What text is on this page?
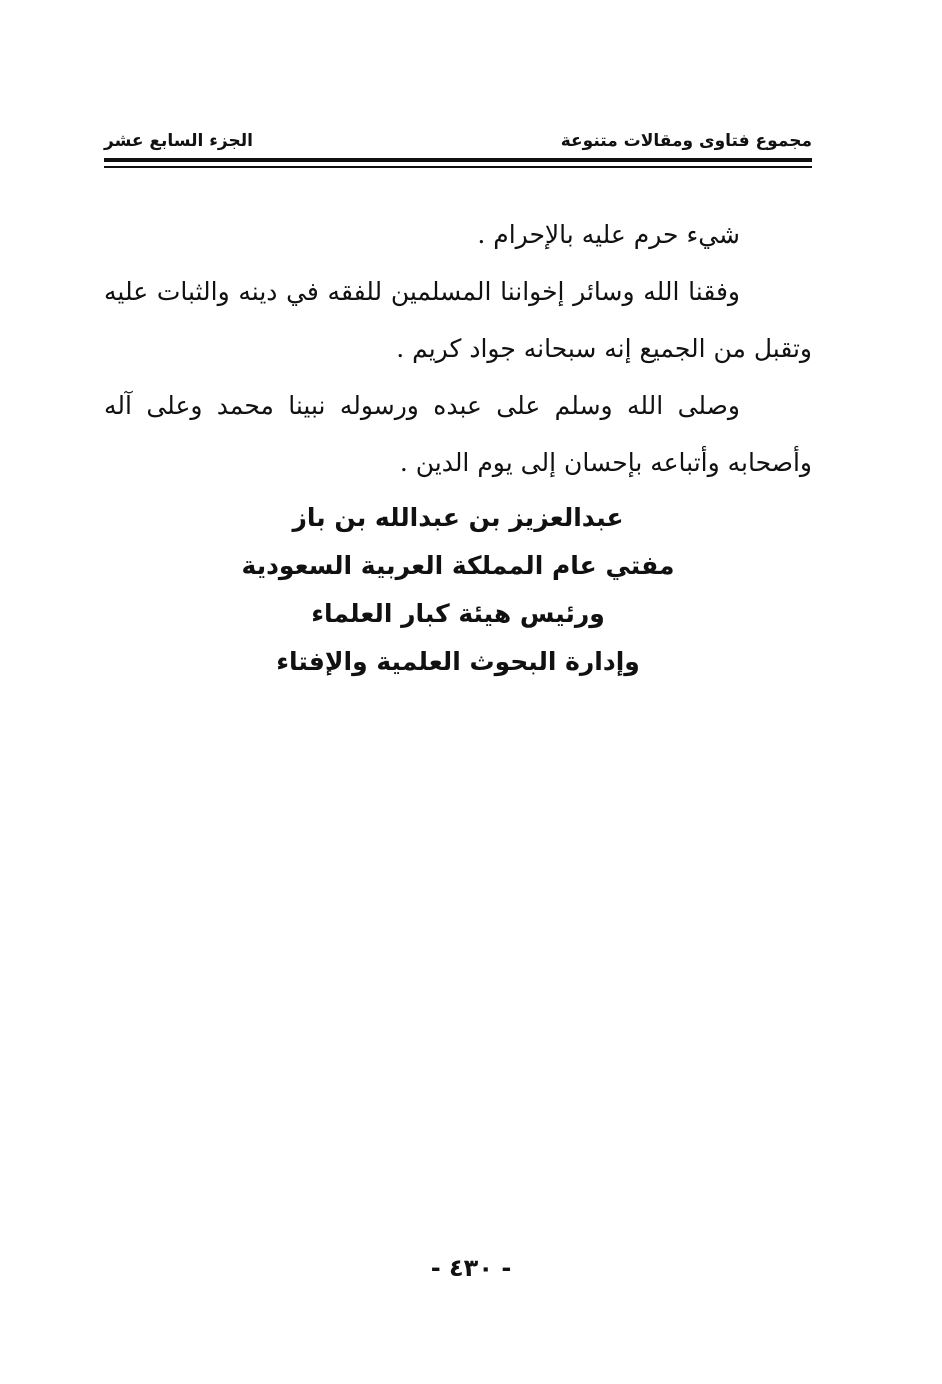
مجموع فتاوى ومقالات متنوعة
الجزء السابع عشر

شيء حرم عليه بالإحرام .

وفقنا الله وسائر إخواننا المسلمين للفقه في دينه والثبات عليه وتقبل من الجميع إنه سبحانه جواد كريم .

وصلى الله وسلم على عبده ورسوله نبينا محمد وعلى آله وأصحابه وأتباعه بإحسان إلى يوم الدين .

عبدالعزيز بن عبدالله بن باز
مفتي عام المملكة العربية السعودية
ورئيس هيئة كبار العلماء
وإدارة البحوث العلمية والإفتاء
- ٤٣٠ -
